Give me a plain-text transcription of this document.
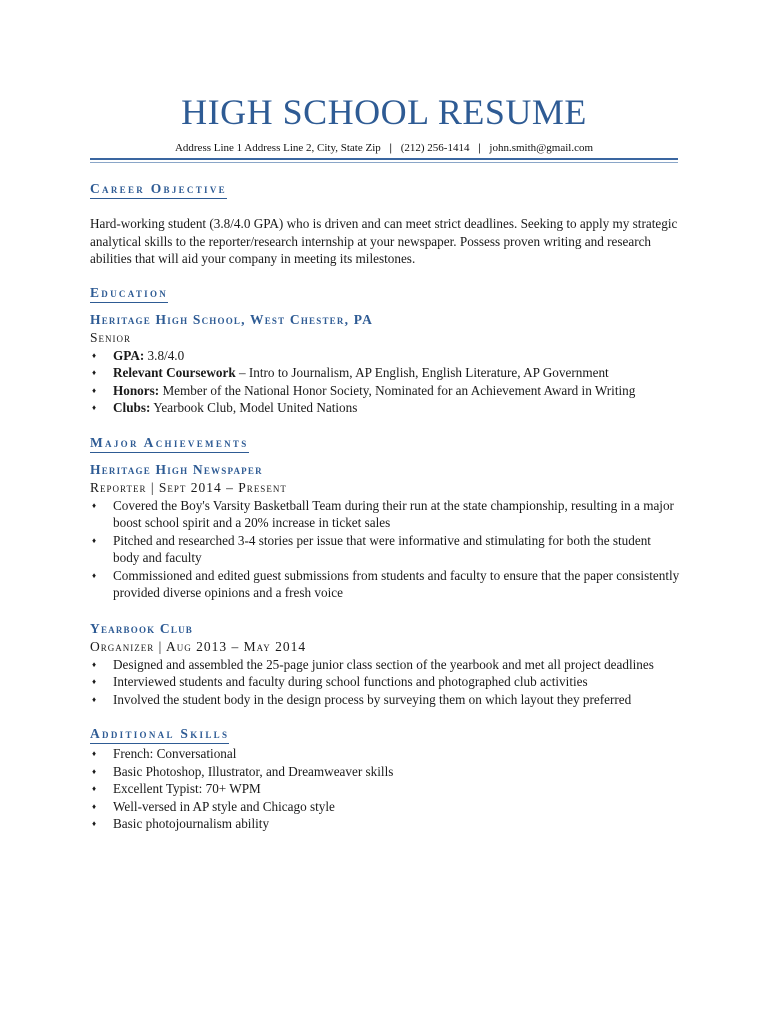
HIGH SCHOOL RESUME
Address Line 1 Address Line 2, City, State Zip | (212) 256-1414 | john.smith@gmail.com
Career Objective

Hard-working student (3.8/4.0 GPA) who is driven and can meet strict deadlines. Seeking to apply my strategic analytical skills to the reporter/research internship at your newspaper. Possess proven writing and research abilities that will aid your company in meeting its milestones.

Education
Heritage High School, West Chester, PA
Senior
♦ GPA: 3.8/4.0
♦ Relevant Coursework – Intro to Journalism, AP English, English Literature, AP Government
♦ Honors: Member of the National Honor Society, Nominated for an Achievement Award in Writing
♦ Clubs: Yearbook Club, Model United Nations
Major Achievements
Heritage High Newspaper
Reporter | Sept 2014 – Present
♦ Covered the Boy's Varsity Basketball Team during their run at the state championship, resulting in a major boost school spirit and a 20% increase in ticket sales
♦ Pitched and researched 3-4 stories per issue that were informative and stimulating for both the student body and faculty
♦ Commissioned and edited guest submissions from students and faculty to ensure that the paper consistently provided diverse opinions and a fresh voice
Yearbook Club
Organizer | Aug 2013 – May 2014
♦ Designed and assembled the 25-page junior class section of the yearbook and met all project deadlines
♦ Interviewed students and faculty during school functions and photographed club activities
♦ Involved the student body in the design process by surveying them on which layout they preferred
Additional Skills
♦ French: Conversational
♦ Basic Photoshop, Illustrator, and Dreamweaver skills
♦ Excellent Typist: 70+ WPM
♦ Well-versed in AP style and Chicago style
♦ Basic photojournalism ability
